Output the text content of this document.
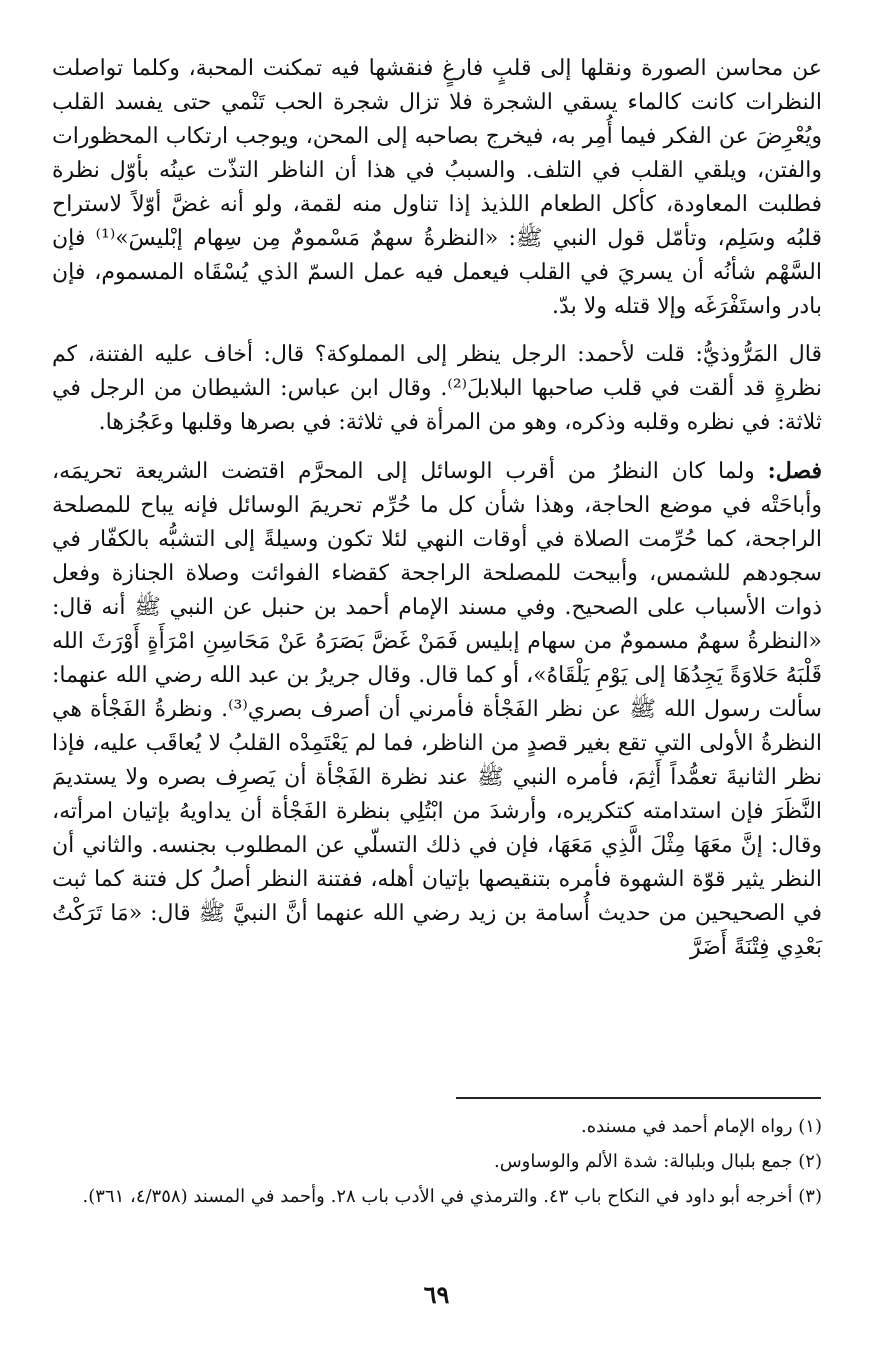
عن محاسن الصورة ونقلها إلى قلبٍ فارغٍ فنقشها فيه تمكنت المحبة، وكلما تواصلت النظرات كانت كالماء يسقي الشجرة فلا تزال شجرة الحب تَنْمي حتى يفسد القلب ويُعْرِضَ عن الفكر فيما أُمِر به، فيخرج بصاحبه إلى المحن، ويوجب ارتكاب المحظورات والفتن، ويلقي القلب في التلف. والسببُ في هذا أن الناظر التذّت عينُه بأوّل نظرة فطلبت المعاودة، كأكل الطعام اللذيذ إذا تناول منه لقمة، ولو أنه غضَّ أوّلاً لاستراح قلبُه وسَلِم، وتأمّل قول النبي ﷺ: «النظرةُ سهمٌ مَسْمومٌ مِن سِهام إبْليسَ»⁽¹⁾ فإن السَّهْم شأنُه أن يسريَ في القلب فيعمل فيه عمل السمّ الذي يُسْقَاه المسموم، فإن بادر واستَفْرَغَه وإلا قتله ولا بدّ.

قال المَرُّوذيُّ: قلت لأحمد: الرجل ينظر إلى المملوكة؟ قال: أخاف عليه الفتنة، كم نظرةٍ قد ألقت في قلب صاحبها البلابلَ⁽²⁾. وقال ابن عباس: الشيطان من الرجل في ثلاثة: في نظره وقلبه وذكره، وهو من المرأة في ثلاثة: في بصرها وقلبها وعَجُزها.

فصل: ولما كان النظرُ من أقرب الوسائل إلى المحرَّم اقتضت الشريعة تحريمَه، وأباحَتْه في موضع الحاجة، وهذا شأن كل ما حُرِّم تحريمَ الوسائل فإنه يباح للمصلحة الراجحة، كما حُرِّمت الصلاة في أوقات النهي لئلا تكون وسيلةً إلى التشبُّه بالكفّار في سجودهم للشمس، وأبيحت للمصلحة الراجحة كقضاء الفوائت وصلاة الجنازة وفعل ذوات الأسباب على الصحيح. وفي مسند الإمام أحمد بن حنبل عن النبي ﷺ أنه قال: «النظرةُ سهمٌ مسمومٌ من سهام إبليس فَمَنْ غَضَّ بَصَرَهُ عَنْ مَحَاسِنِ امْرَأَةٍ أَوْرَثَ الله قَلْبَهُ حَلاوَةً يَجِدُهَا إلى يَوْمِ يَلْقَاهُ»، أو كما قال. وقال جريرُ بن عبد الله رضي الله عنهما: سألت رسول الله ﷺ عن نظر الفَجْأة فأمرني أن أصرف بصري⁽³⁾. ونظرةُ الفَجْأة هي النظرةُ الأولى التي تقع بغير قصدٍ من الناظر، فما لم يَعْتَمِدْه القلبُ لا يُعاقَب عليه، فإذا نظر الثانيةَ تعمُّداً أَثِمَ، فأمره النبي ﷺ عند نظرة الفَجْأة أن يَصرِف بصره ولا يستديمَ النَّظَرَ فإن استدامته كتكريره، وأرشدَ من ابْتُلِي بنظرة الفَجْأة أن يداويهُ بإتيان امرأته، وقال: إنَّ معَهَا مِثْلَ الَّذِي مَعَهَا، فإن في ذلك التسلّي عن المطلوب بجنسه. والثاني أن النظر يثير قوّة الشهوة فأمره بتنقيصها بإتيان أهله، ففتنة النظر أصلُ كل فتنة كما ثبت في الصحيحين من حديث أُسامة بن زيد رضي الله عنهما أنَّ النبيَّ ﷺ قال: «مَا تَرَكْتُ بَعْدِي فِتْنَةً أَضَرَّ

(١) رواه الإمام أحمد في مسنده.

(٢) جمع بلبال وبلبالة: شدة الألم والوساوس.

(٣) أخرجه أبو داود في النكاح باب ٤٣. والترمذي في الأدب باب ٢٨. وأحمد في المسند (٤/٣٥٨، ٣٦١).

٦٩
